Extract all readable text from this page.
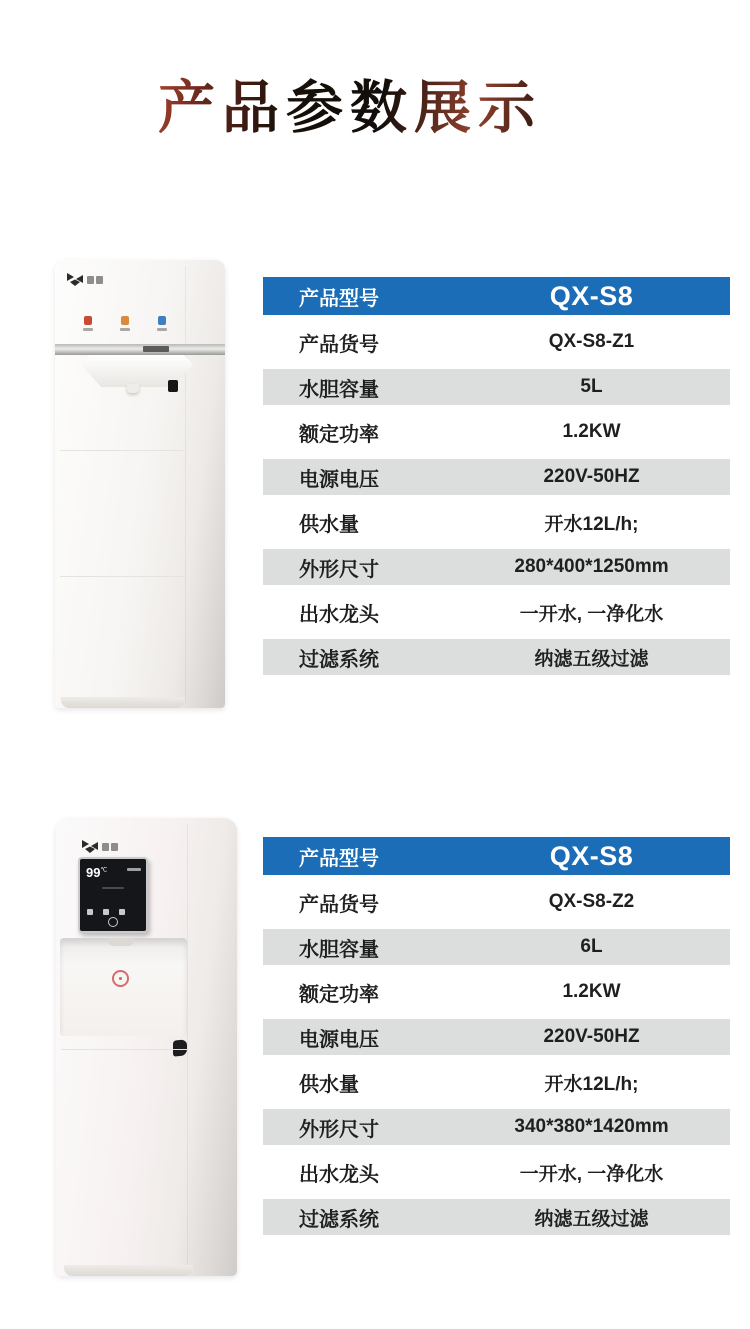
产品参数展示
产品型号	QX-S8
产品货号	QX-S8-Z1
水胆容量	5L
额定功率	1.2KW
电源电压	220V-50HZ
供水量	开水12L/h;
外形尺寸	280*400*1250mm
出水龙头	一开水, 一净化水
过滤系统	纳滤五级过滤
99℃
产品型号	QX-S8
产品货号	QX-S8-Z2
水胆容量	6L
额定功率	1.2KW
电源电压	220V-50HZ
供水量	开水12L/h;
外形尺寸	340*380*1420mm
出水龙头	一开水, 一净化水
过滤系统	纳滤五级过滤
